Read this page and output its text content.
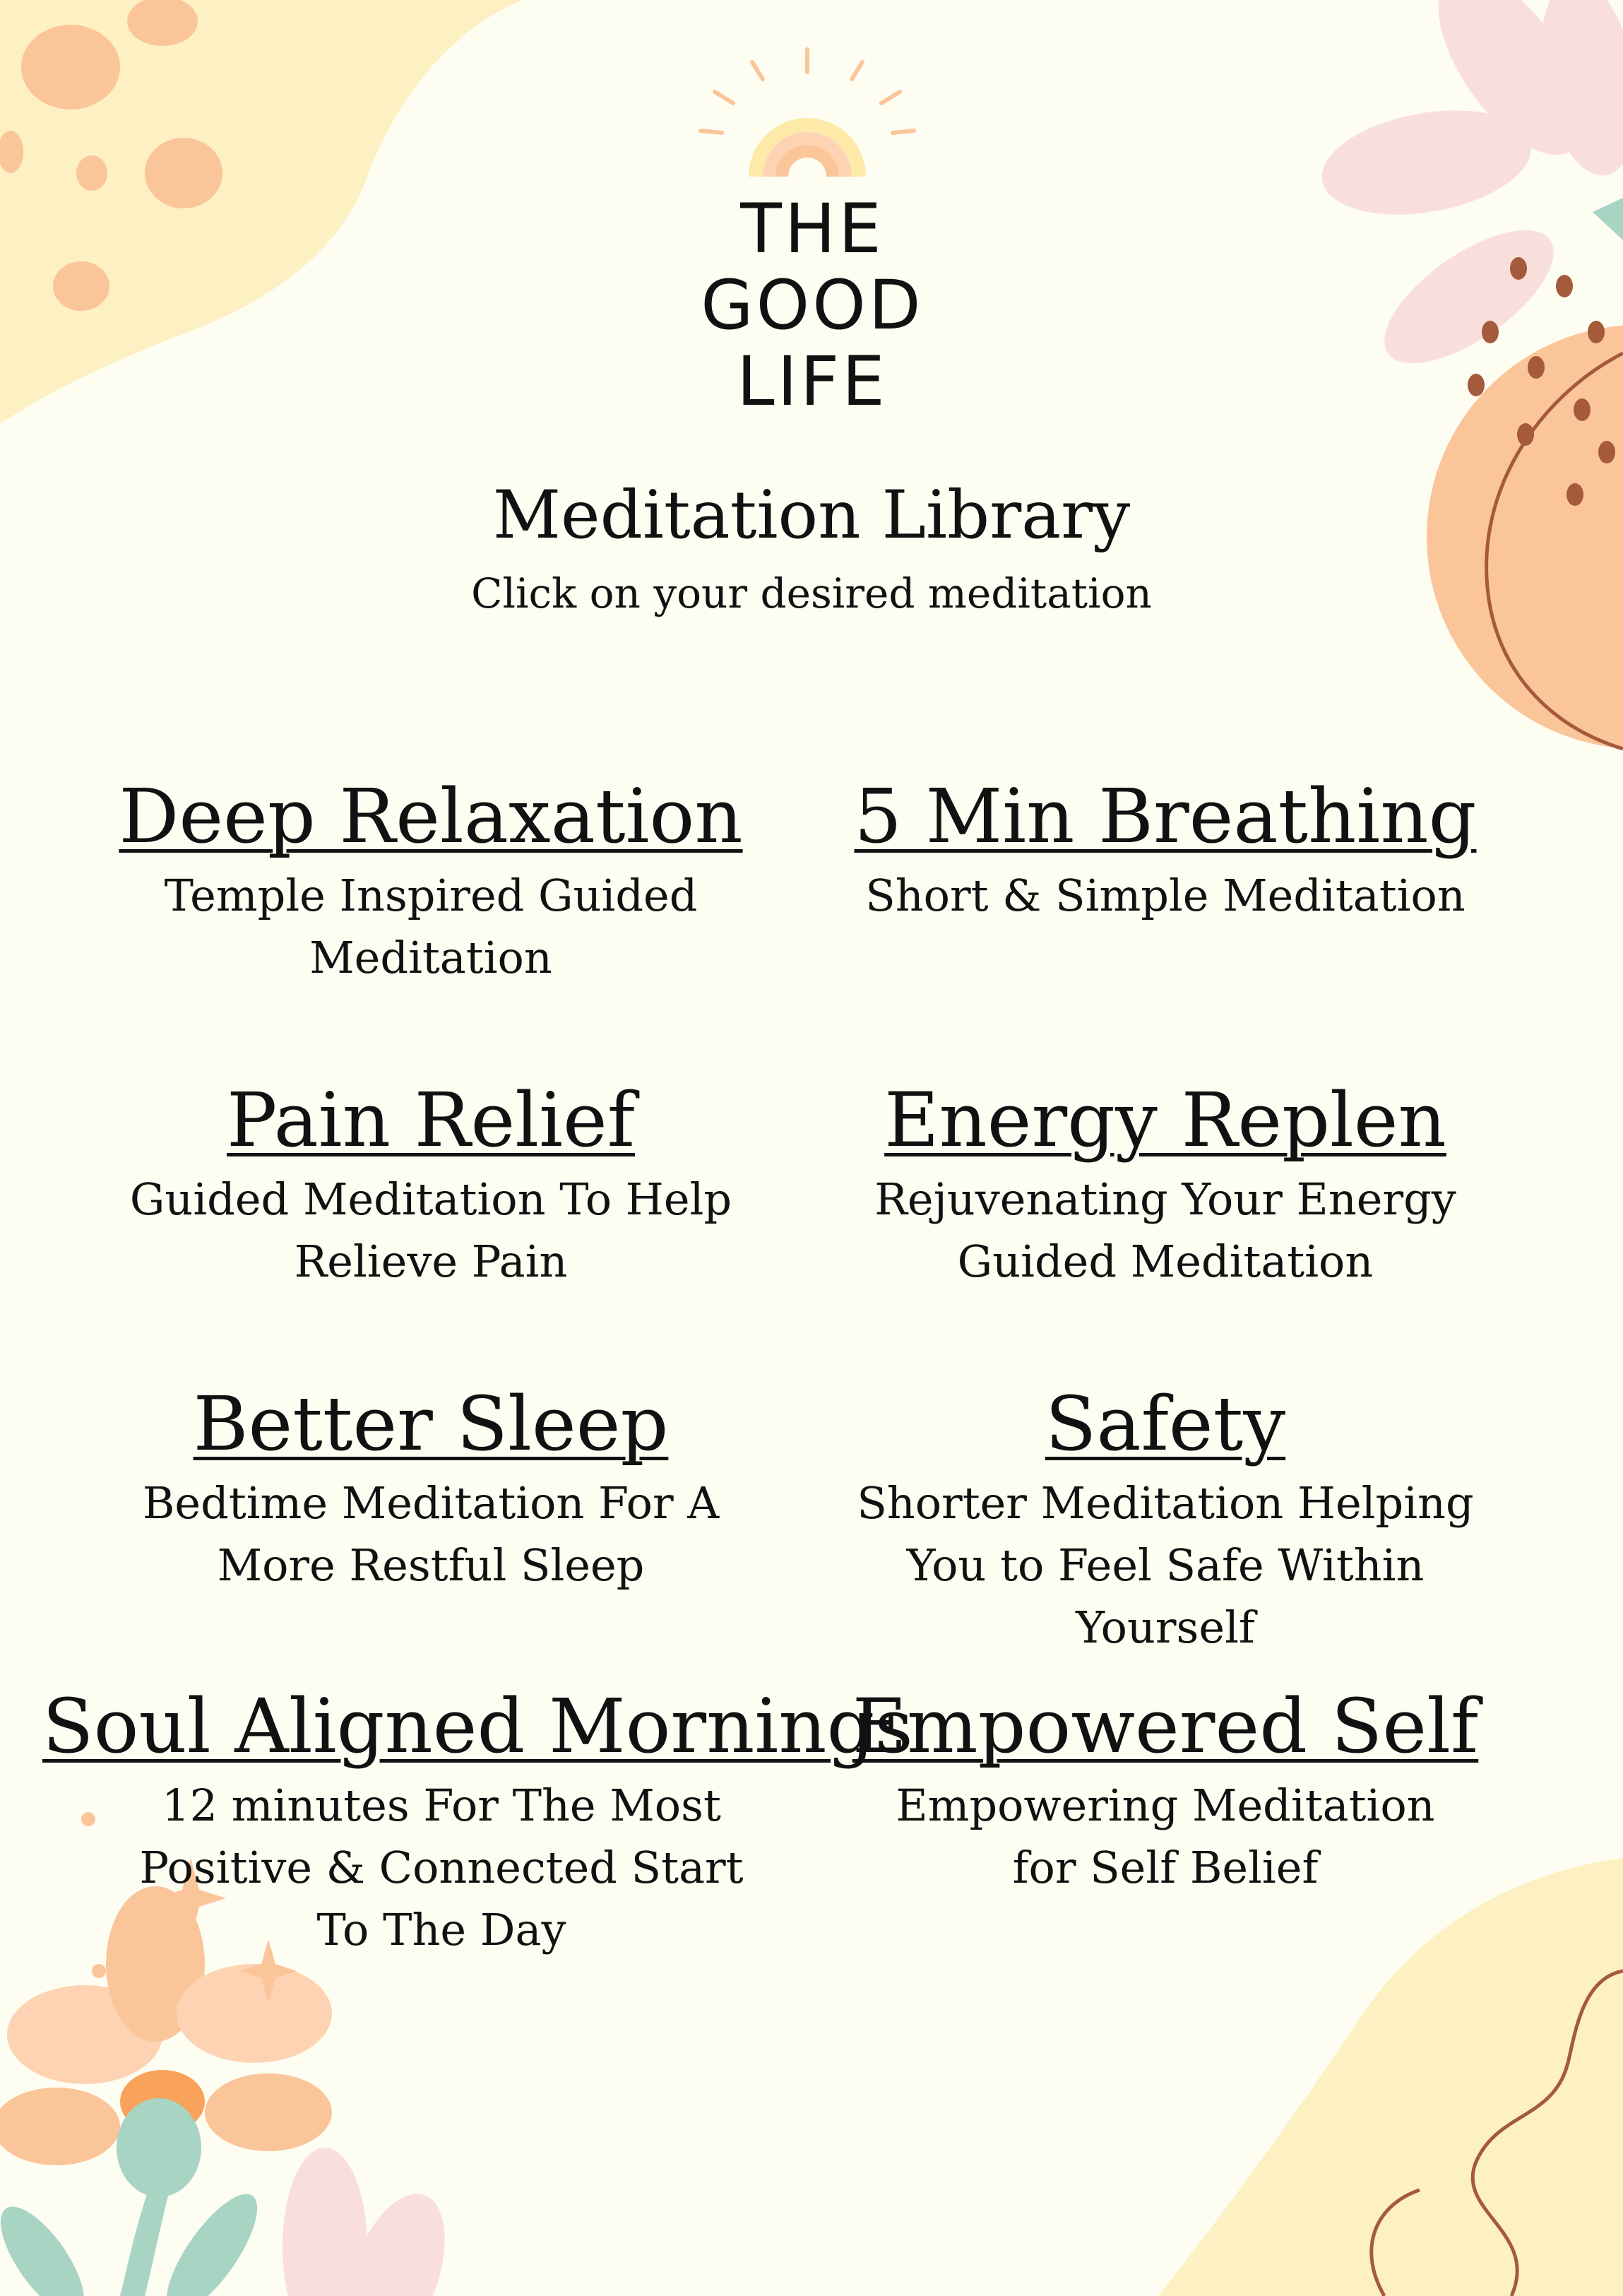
THE
GOOD
LIFE
Meditation Library
Click on your desired meditation
Deep Relaxation
Temple Inspired Guided
Meditation
5 Min Breathing
Short & Simple Meditation
Pain Relief
Guided Meditation To Help
Relieve Pain
Energy Replen
Rejuvenating Your Energy
Guided Meditation
Better Sleep
Bedtime Meditation For A
More Restful Sleep
Safety
Shorter Meditation Helping
You to Feel Safe Within
Yourself
Soul Aligned Mornings
12 minutes For The Most
Positive & Connected Start
To The Day
Empowered Self
Empowering Meditation
for Self Belief
